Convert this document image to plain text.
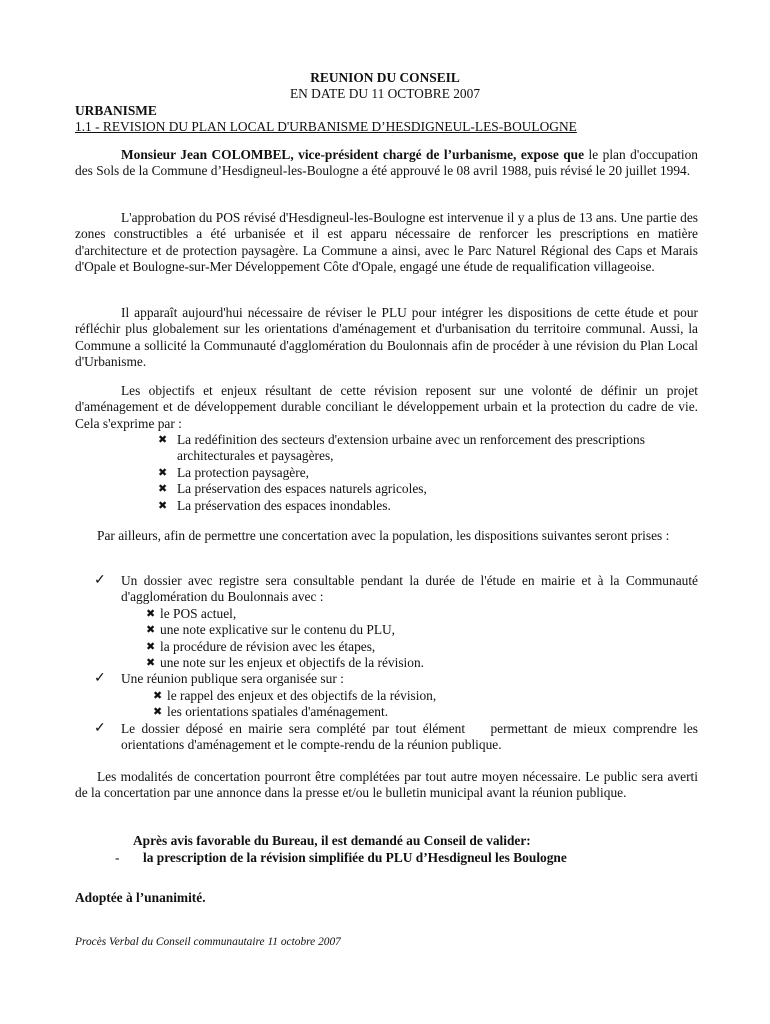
REUNION DU CONSEIL
EN DATE DU 11 OCTOBRE 2007
URBANISME
1.1 - REVISION DU PLAN LOCAL D'URBANISME D’HESDIGNEUL-LES-BOULOGNE
Monsieur Jean COLOMBEL, vice-président chargé de l’urbanisme, expose que le plan d'occupation des Sols de la Commune d’Hesdigneul-les-Boulogne a été approuvé le 08 avril 1988, puis révisé le 20 juillet 1994.
L'approbation du POS révisé d'Hesdigneul-les-Boulogne est intervenue il y a plus de 13 ans. Une partie des zones constructibles a été urbanisée et il est apparu nécessaire de renforcer les prescriptions en matière d'architecture et de protection paysagère. La Commune a ainsi, avec le Parc Naturel Régional des Caps et Marais d'Opale et Boulogne-sur-Mer Développement Côte d'Opale, engagé une étude de requalification villageoise.
Il apparaît aujourd'hui nécessaire de réviser le PLU pour intégrer les dispositions de cette étude et pour réfléchir plus globalement sur les orientations d'aménagement et d'urbanisation du territoire communal. Aussi, la Commune a sollicité la Communauté d'agglomération du Boulonnais afin de procéder à une révision du Plan Local d'Urbanisme.
Les objectifs et enjeux résultant de cette révision reposent sur une volonté de définir un projet d'aménagement et de développement durable conciliant le développement urbain et la protection du cadre de vie. Cela s'exprime par :
✖ La redéfinition des secteurs d'extension urbaine avec un renforcement des prescriptions architecturales et paysagères,
✖ La protection paysagère,
✖ La préservation des espaces naturels agricoles,
✖ La préservation des espaces inondables.
Par ailleurs, afin de permettre une concertation avec la population, les dispositions suivantes seront prises :
✓ Un dossier avec registre sera consultable pendant la durée de l'étude en mairie et à la Communauté d'agglomération du Boulonnais avec :
✖ le POS actuel,
✖ une note explicative sur le contenu du PLU,
✖ la procédure de révision avec les étapes,
✖ une note sur les enjeux et objectifs de la révision.
✓ Une réunion publique sera organisée sur :
✖ le rappel des enjeux et des objectifs de la révision,
✖ les orientations spatiales d'aménagement.
✓ Le dossier déposé en mairie sera complété par tout élément    permettant de mieux comprendre les orientations d'aménagement et le compte-rendu de la réunion publique.
Les modalités de concertation pourront être complétées par tout autre moyen nécessaire. Le public sera averti de la concertation par une annonce dans la presse et/ou le bulletin municipal avant la réunion publique.
Après avis favorable du Bureau, il est demandé au Conseil de valider:
- la prescription de la révision simplifiée du PLU d’Hesdigneul les Boulogne
Adoptée à l’unanimité.
Procès Verbal du Conseil communautaire 11 octobre 2007
